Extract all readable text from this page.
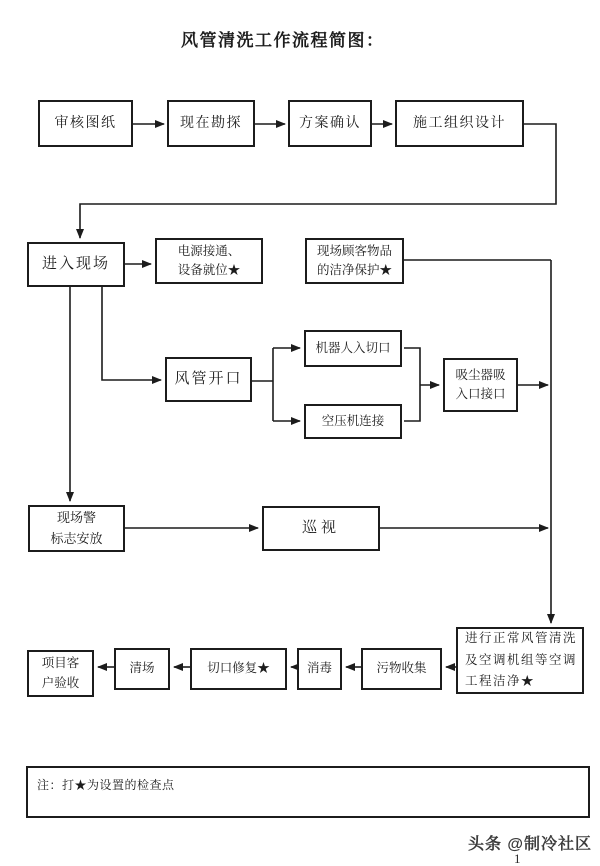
风管清洗工作流程简图：
审核图纸	现在勘探	方案确认	施工组织设计
进入现场
电源接通、
设备就位★
现场顾客物品
的洁净保护★
风管开口
机器人入切口
空压机连接
吸尘器吸
入口接口
现场警
标志安放
巡视
进行正常风管清洗
及空调机组等空调
工程洁净★
污物收集
消毒
切口修复★
清场
项目客
户验收
注：打★为设置的检查点
头条 @制冷社区
1
